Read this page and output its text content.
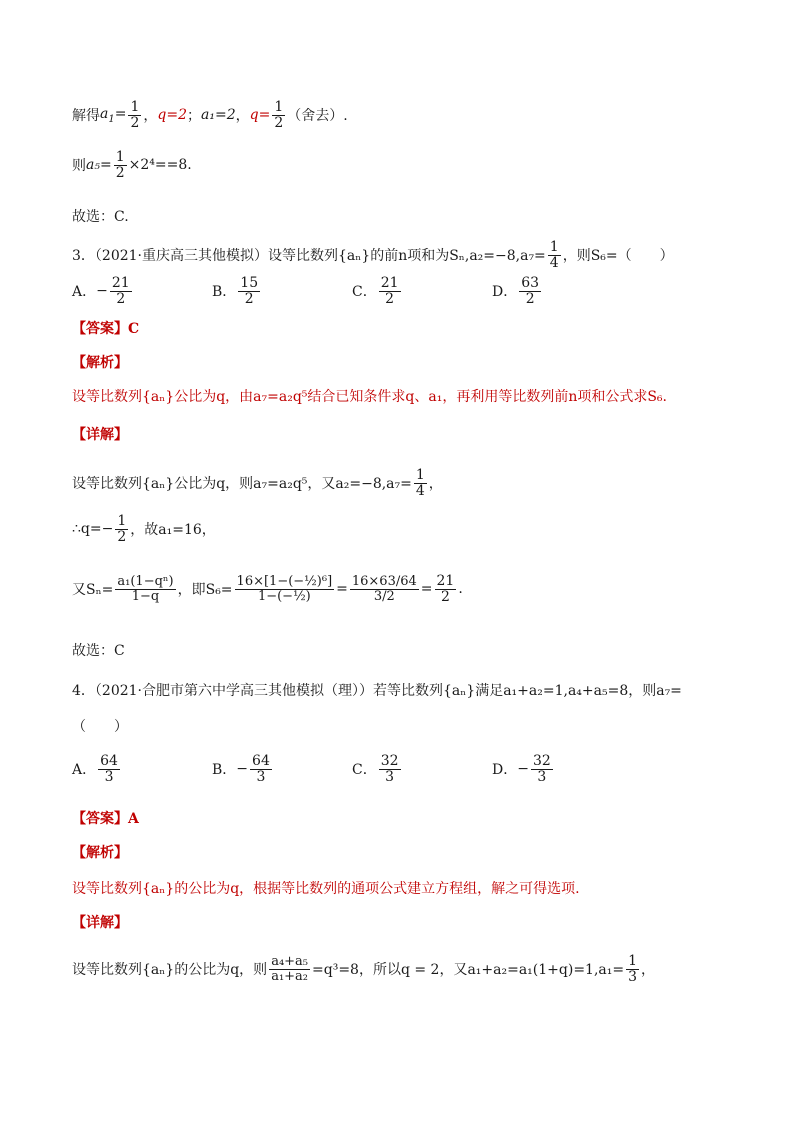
解得 $a_1= \frac{1}{2}$ ， q=2 ； a₁=2 ， $q= \frac{1}{2}$ （舍去）.
则 $a_5= \frac{1}{2} \times 2^4==8$.
故选：C.
3．（2021·重庆高三其他模拟）设等比数列{aₙ}的前n项和为$S_n,a_2=-8,a_7= \frac{1}{4}$ ，则S₆=（　　）
A． − $\frac{21}{2}$	B． $\frac{15}{2}$	C． $\frac{21}{2}$	D． $\frac{63}{2}$
【答案】C
【解析】
设等比数列{aₙ}公比为q，由a₇=a₂q⁵结合已知条件求q、a₁，再利用等比数列前n项和公式求S₆.
【详解】
设等比数列{aₙ}公比为q，则a₇=a₂q⁵，又$a_2=-8,a_7= \frac{1}{4}$ ，
∴q=− $\frac{1}{2}$ ，故a₁=16，
又$S_n= \frac{\text{a₁(1−qⁿ)}}{1-q}$ ，即$S_6= \frac{\text{16×[1−(−½)⁶]}}{\text{1−(−½)}} = \frac{16\times 63/64}{3/2} = \frac{21}{2}$ .
故选：C
4．（2021·合肥市第六中学高三其他模拟（理））若等比数列{aₙ}满足a₁+a₂=1,a₄+a₅=8，则a₇=
（　　）
A． $\frac{64}{3}$	B． − $\frac{64}{3}$	C． $\frac{32}{3}$	D． − $\frac{32}{3}$
【答案】A
【解析】
设等比数列{aₙ}的公比为q，根据等比数列的通项公式建立方程组，解之可得选项.
【详解】
设等比数列{aₙ}的公比为q，则 $\frac{\text{a₄+a₅}}{\text{a₁+a₂}} =q^3=8$，所以q = 2，又$a_1+a_2=a_1(1+q)=1,a_1= \frac{1}{3}$ ，
